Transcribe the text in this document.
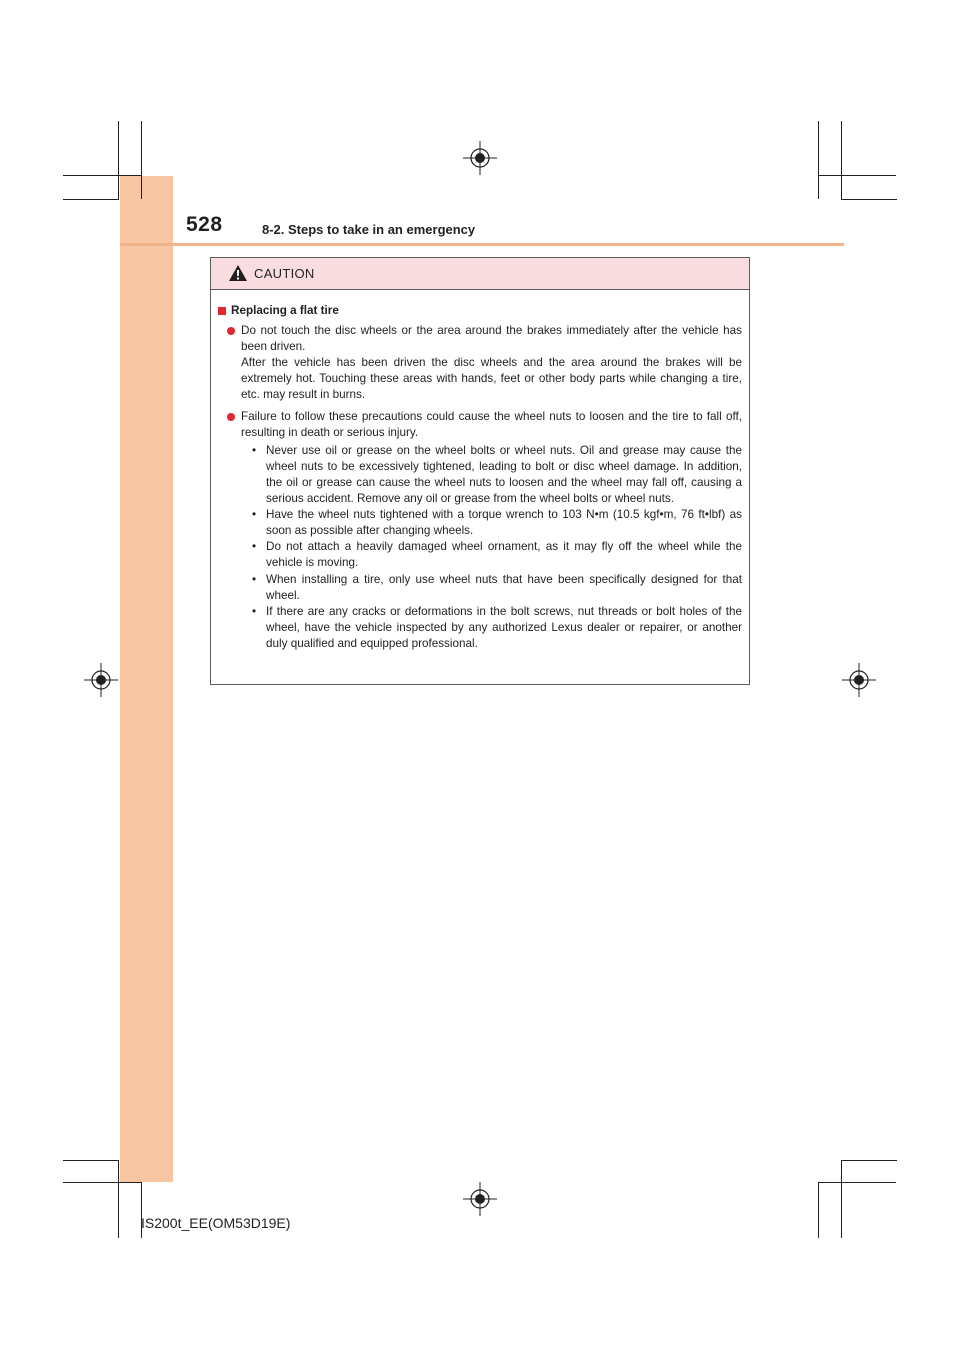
528	8-2. Steps to take in an emergency
CAUTION
Replacing a flat tire
Do not touch the disc wheels or the area around the brakes immediately after the vehicle has been driven.
After the vehicle has been driven the disc wheels and the area around the brakes will be extremely hot. Touching these areas with hands, feet or other body parts while changing a tire, etc. may result in burns.
Failure to follow these precautions could cause the wheel nuts to loosen and the tire to fall off, resulting in death or serious injury.
• Never use oil or grease on the wheel bolts or wheel nuts. Oil and grease may cause the wheel nuts to be excessively tightened, leading to bolt or disc wheel damage. In addition, the oil or grease can cause the wheel nuts to loosen and the wheel may fall off, causing a serious accident. Remove any oil or grease from the wheel bolts or wheel nuts.
• Have the wheel nuts tightened with a torque wrench to 103 N•m (10.5 kgf•m, 76 ft•lbf) as soon as possible after changing wheels.
• Do not attach a heavily damaged wheel ornament, as it may fly off the wheel while the vehicle is moving.
• When installing a tire, only use wheel nuts that have been specifically designed for that wheel.
• If there are any cracks or deformations in the bolt screws, nut threads or bolt holes of the wheel, have the vehicle inspected by any authorized Lexus dealer or repairer, or another duly qualified and equipped professional.
IS200t_EE(OM53D19E)
